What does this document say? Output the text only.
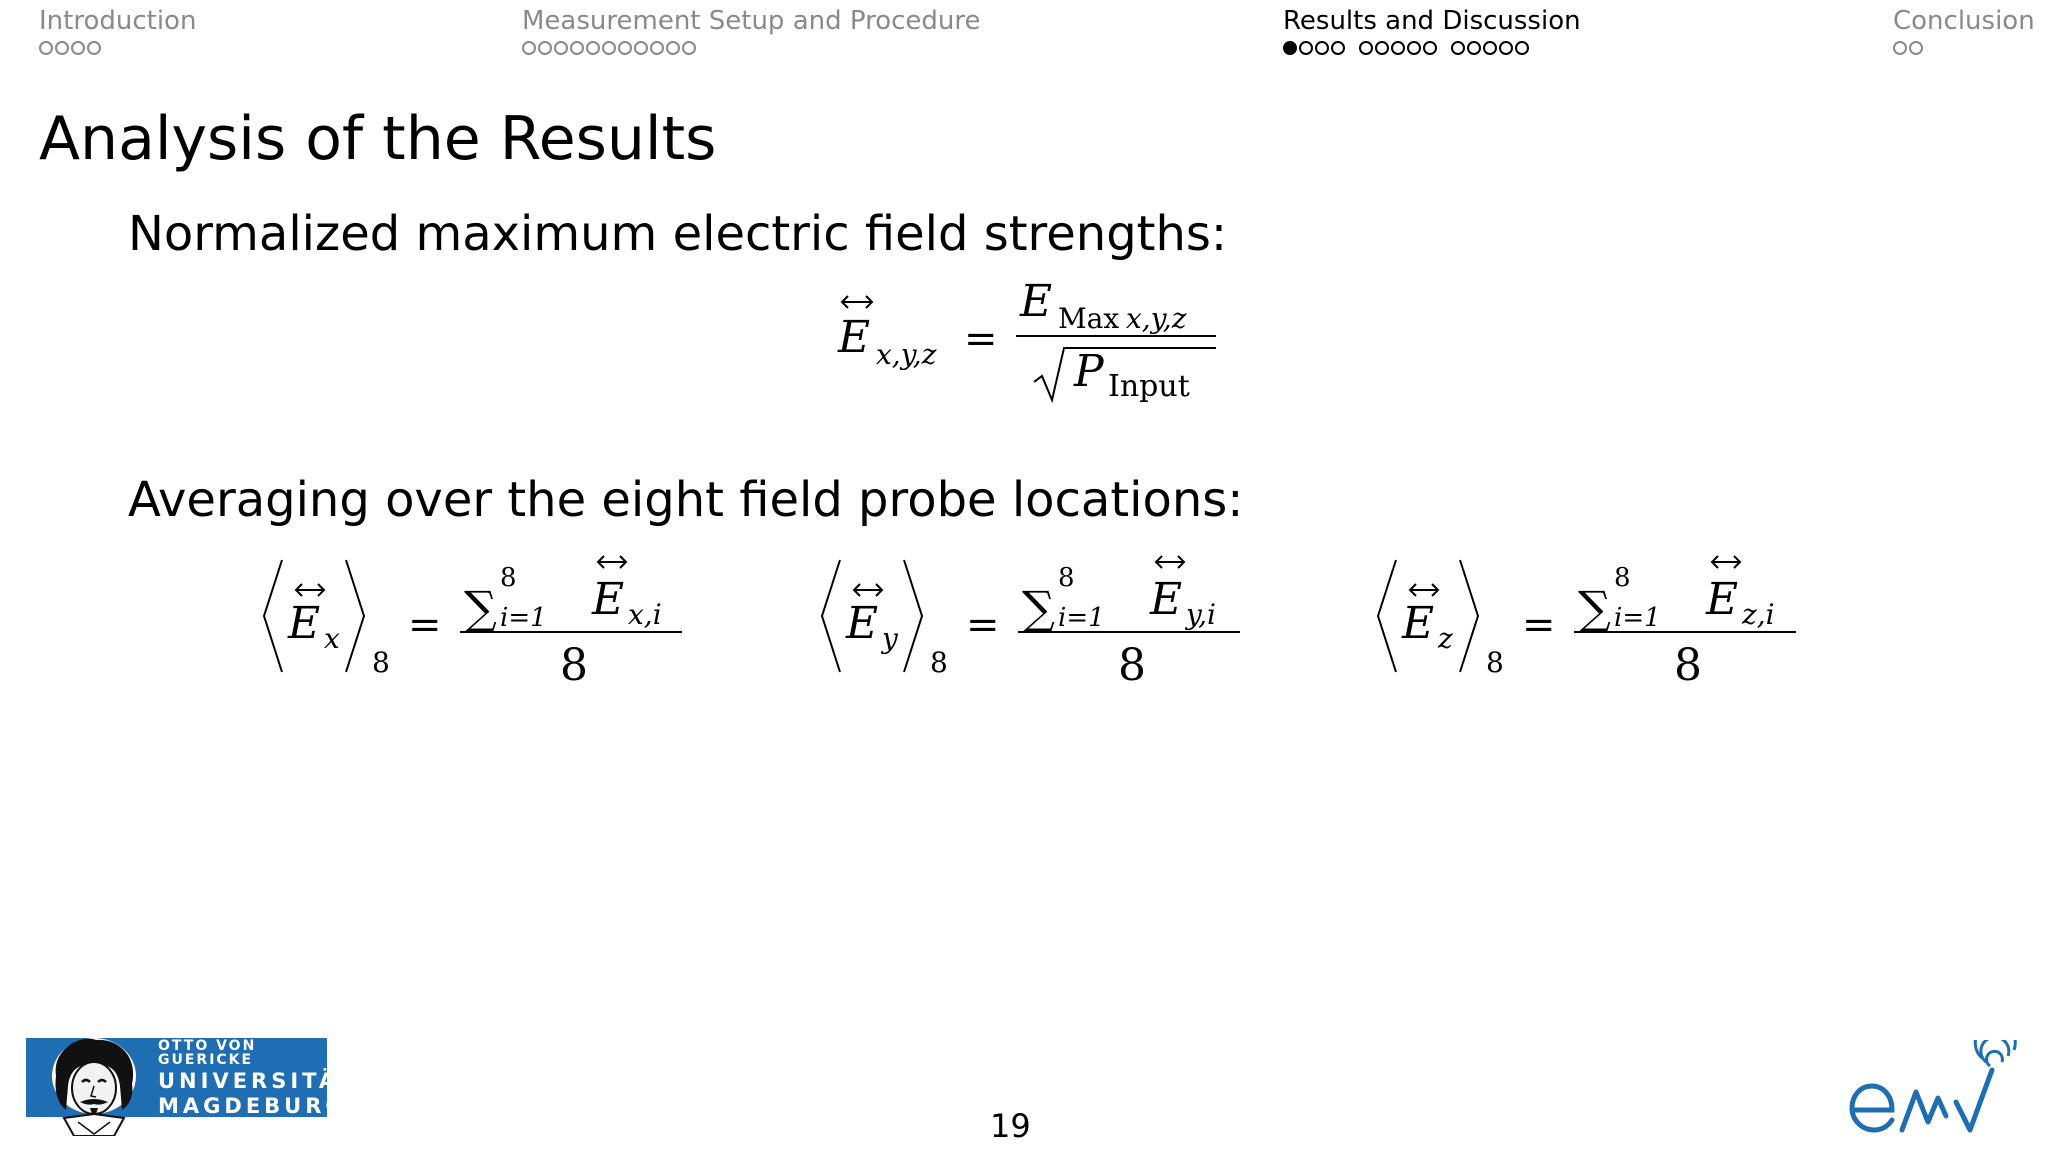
Introduction	Measurement Setup and Procedure	Results and Discussion	Conclusion
Analysis of the Results
Normalized maximum electric field strengths:
E x,y,z =
E Max x,y,z
P Input
Averaging over the eight field probe locations:
E x
8
= ∑
8
i=1 E x,i
8
E y
8
= ∑
8
i=1 E y,i
8
E z
8
= ∑
8
i=1 E z,i
8
OTTO VON GUERICKE
UNIVERSITÄT
MAGDEBURG
19
